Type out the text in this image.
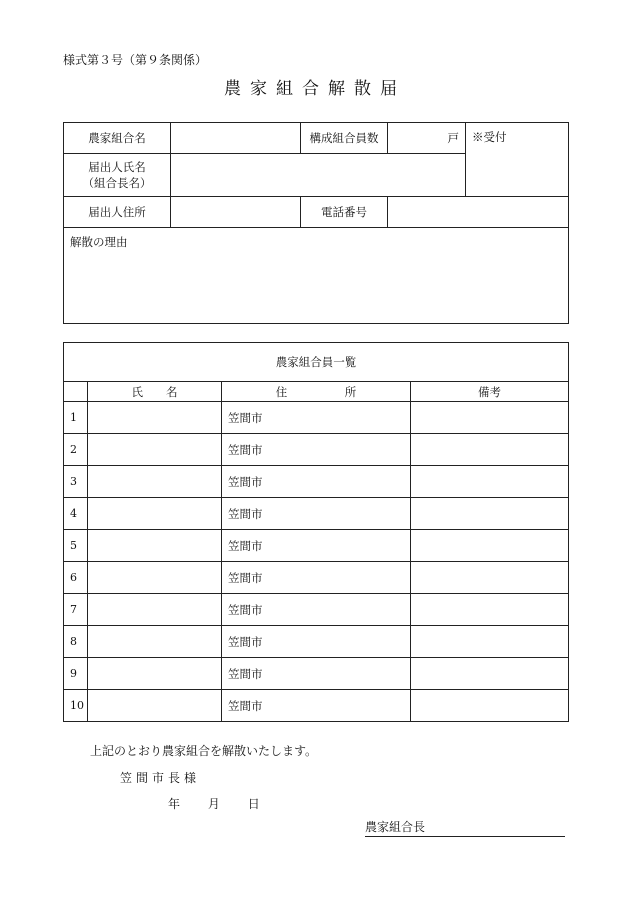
様式第３号（第９条関係）
農家組合解散届
農家組合名		構成組合員数	戸	※受付

届出人氏名
（組合長名）				

届出人住所		電話番号		
解散の理由				
農家組合員一覧			
	氏　　名	住　　　　　所	備考
1		笠間市	
2		笠間市	
3		笠間市	
4		笠間市	
5		笠間市	
6		笠間市	
7		笠間市	
8		笠間市	
9		笠間市	
10		笠間市	
上記のとおり農家組合を解散いたします。
笠間市長様
年 月 日
農家組合長
